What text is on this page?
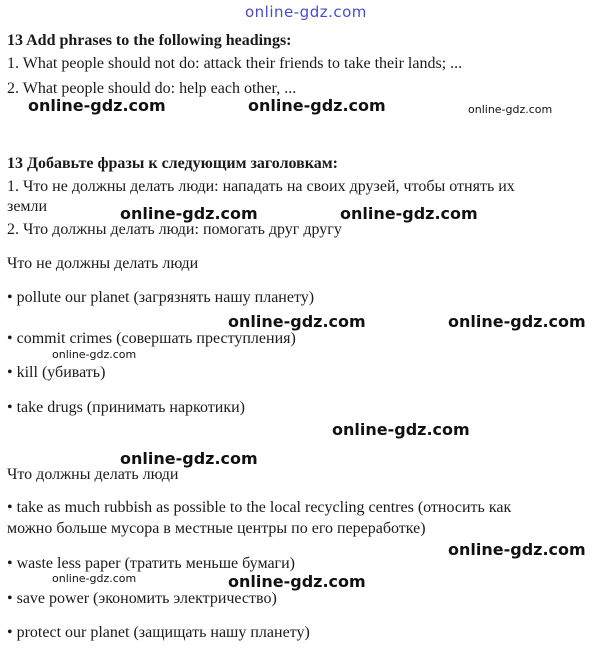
online-gdz.com
13 Add phrases to the following headings:
1. What people should not do: attack their friends to take their lands; ...
2. What people should do: help each other, ...
online-gdz.com	online-gdz.com	online-gdz.com
13 Добавьте фразы к следующим заголовкам:
1. Что не должны делать люди: нападать на своих друзей, чтобы отнять их
земли	online-gdz.com	online-gdz.com
2. Что должны делать люди: помогать друг другу
Что не должны делать люди
• pollute our planet (загрязнять нашу планету)
online-gdz.com	online-gdz.com
• commit crimes (совершать преступления)
online-gdz.com
• kill (убивать)
• take drugs (принимать наркотики)
online-gdz.com
online-gdz.com
Что должны делать люди
• take as much rubbish as possible to the local recycling centres (относить как
можно больше мусора в местные центры по его переработке)
online-gdz.com
• waste less paper (тратить меньше бумаги)
online-gdz.com	online-gdz.com
• save power (экономить электричество)
• protect our planet (защищать нашу планету)
